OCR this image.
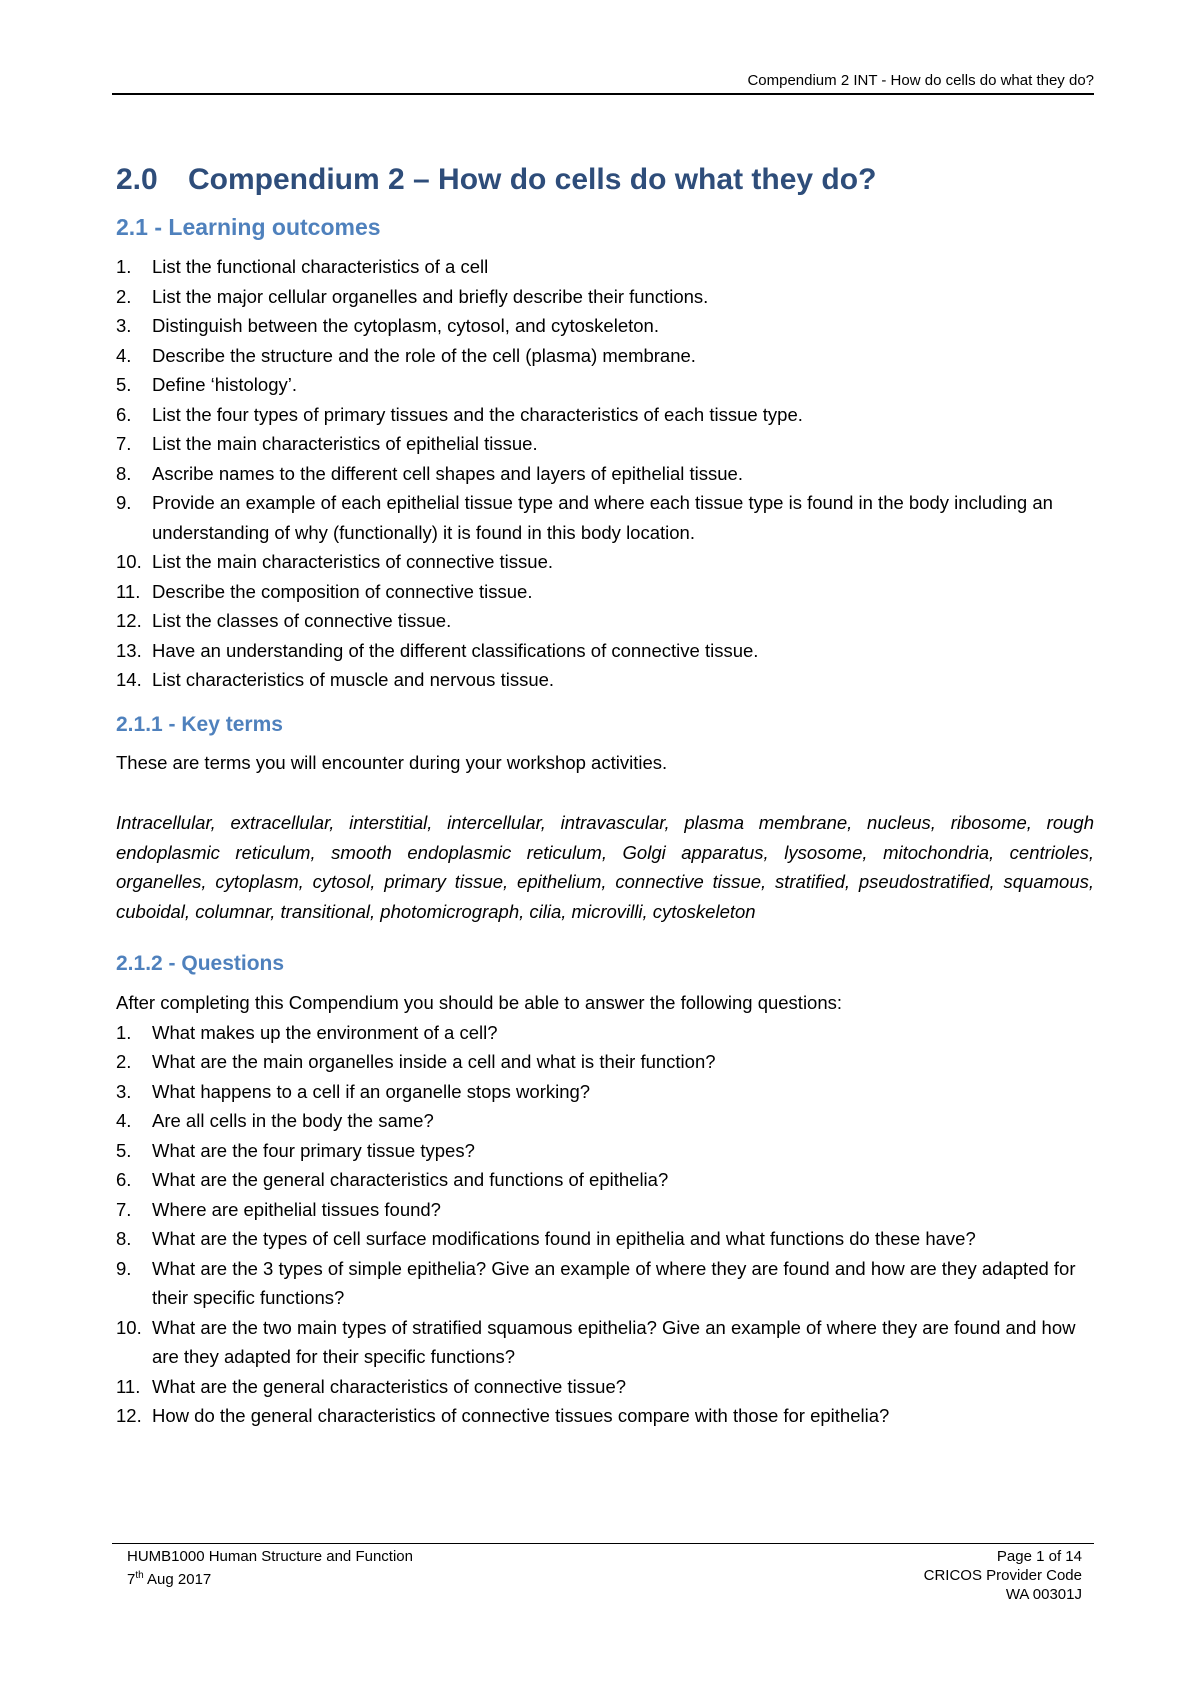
Compendium 2 INT - How do cells do what they do?
2.0 Compendium 2 – How do cells do what they do?
2.1 - Learning outcomes
1. List the functional characteristics of a cell
2. List the major cellular organelles and briefly describe their functions.
3. Distinguish between the cytoplasm, cytosol, and cytoskeleton.
4. Describe the structure and the role of the cell (plasma) membrane.
5. Define ‘histology’.
6. List the four types of primary tissues and the characteristics of each tissue type.
7. List the main characteristics of epithelial tissue.
8. Ascribe names to the different cell shapes and layers of epithelial tissue.
9. Provide an example of each epithelial tissue type and where each tissue type is found in the body including an understanding of why (functionally) it is found in this body location.
10. List the main characteristics of connective tissue.
11. Describe the composition of connective tissue.
12. List the classes of connective tissue.
13. Have an understanding of the different classifications of connective tissue.
14. List characteristics of muscle and nervous tissue.
2.1.1 - Key terms

These are terms you will encounter during your workshop activities.

Intracellular, extracellular, interstitial, intercellular, intravascular, plasma membrane, nucleus, ribosome, rough endoplasmic reticulum, smooth endoplasmic reticulum, Golgi apparatus, lysosome, mitochondria, centrioles, organelles, cytoplasm, cytosol, primary tissue, epithelium, connective tissue, stratified, pseudostratified, squamous, cuboidal, columnar, transitional, photomicrograph, cilia, microvilli, cytoskeleton

2.1.2 - Questions

After completing this Compendium you should be able to answer the following questions:

1. What makes up the environment of a cell?
2. What are the main organelles inside a cell and what is their function?
3. What happens to a cell if an organelle stops working?
4. Are all cells in the body the same?
5. What are the four primary tissue types?
6. What are the general characteristics and functions of epithelia?
7. Where are epithelial tissues found?
8. What are the types of cell surface modifications found in epithelia and what functions do these have?
9. What are the 3 types of simple epithelia? Give an example of where they are found and how are they adapted for their specific functions?
10. What are the two main types of stratified squamous epithelia? Give an example of where they are found and how are they adapted for their specific functions?
11. What are the general characteristics of connective tissue?
12. How do the general characteristics of connective tissues compare with those for epithelia?
HUMB1000 Human Structure and Function
7th Aug 2017
Page 1 of 14
CRICOS Provider Code
WA 00301J
